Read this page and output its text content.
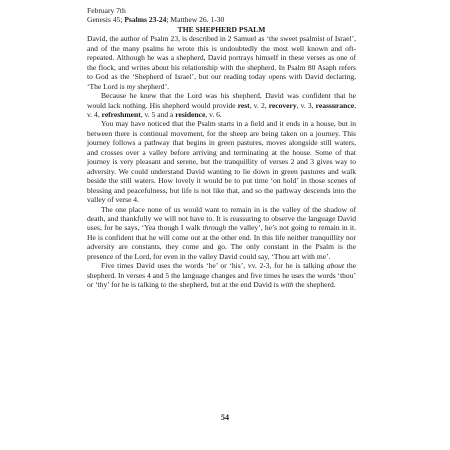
February 7th
Genesis 45; Psalms 23-24; Matthew 26. 1-30
THE SHEPHERD PSALM

David, the author of Psalm 23, is described in 2 Samuel as ‘the sweet psalmist of Israel’, and of the many psalms he wrote this is undoubtedly the most well known and oft-repeated. Although he was a shepherd, David portrays himself in these verses as one of the flock, and writes about his relationship with the shepherd. In Psalm 80 Asaph refers to God as the ‘Shepherd of Israel’, but our reading today opens with David declaring, ‘The Lord is my shepherd’.

Because he knew that the Lord was his shepherd, David was confident that he would lack nothing. His shepherd would provide rest, v. 2, recovery, v. 3, reassurance, v. 4, refreshment, v. 5 and a residence, v. 6.

You may have noticed that the Psalm starts in a field and it ends in a house, but in between there is continual movement, for the sheep are being taken on a journey. This journey follows a pathway that begins in green pastures, moves alongside still waters, and crosses over a valley before arriving and terminating at the house. Some of that journey is very pleasant and serene, but the tranquillity of verses 2 and 3 gives way to adversity. We could understand David wanting to lie down in green pastures and walk beside the still waters. How lovely it would be to put time ‘on hold’ in those scenes of blessing and peacefulness, but life is not like that, and so the pathway descends into the valley of verse 4.

The one place none of us would want to remain in is the valley of the shadow of death, and thankfully we will not have to. It is reassuring to observe the language David uses, for he says, ‘Yea though I walk through the valley’, he’s not going to remain in it. He is confident that he will come out at the other end. In this life neither tranquillity nor adversity are constants, they come and go. The only constant in the Psalm is the presence of the Lord, for even in the valley David could say, ‘Thou art with me’.

Five times David uses the words ‘he’ or ‘his’, vv. 2-3, for he is talking about the shepherd. In verses 4 and 5 the language changes and five times he uses the words ‘thou’ or ‘thy’ for he is talking to the shepherd, but at the end David is with the shepherd.

54
